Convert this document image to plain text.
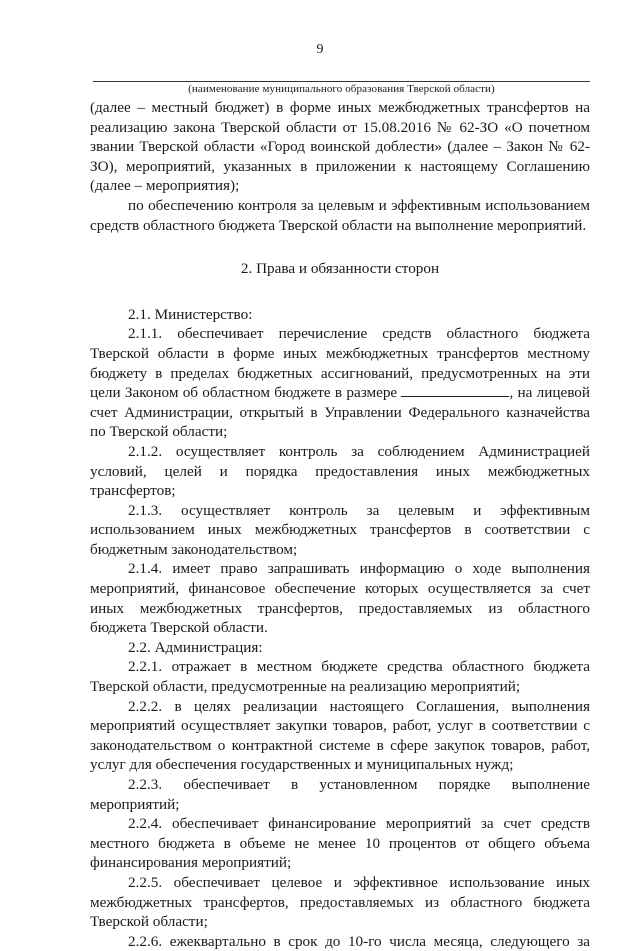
9
(наименование муниципального образования Тверской области)

(далее – местный бюджет) в форме иных межбюджетных трансфертов на

реализацию закона Тверской области от 15.08.2016 № 62-ЗО «О почетном звании Тверской области «Город воинской доблести» (далее – Закон № 62-ЗО), мероприятий, указанных в приложении к настоящему Соглашению (далее – мероприятия);

по обеспечению контроля за целевым и эффективным использованием средств областного бюджета Тверской области на выполнение мероприятий.

2. Права и обязанности сторон

2.1. Министерство:

2.1.1. обеспечивает перечисление средств областного бюджета Тверской области в форме иных межбюджетных трансфертов местному бюджету в пределах бюджетных ассигнований, предусмотренных на эти цели Законом об областном бюджете в размере	, на лицевой счет Администрации, открытый в Управлении Федерального казначейства по Тверской области;

2.1.2. осуществляет контроль за соблюдением Администрацией условий, целей и порядка предоставления иных межбюджетных трансфертов;

2.1.3. осуществляет контроль за целевым и эффективным использованием иных межбюджетных трансфертов в соответствии с бюджетным законодательством;

2.1.4. имеет право запрашивать информацию о ходе выполнения мероприятий, финансовое обеспечение которых осуществляется за счет иных межбюджетных трансфертов, предоставляемых из областного бюджета Тверской области.

2.2. Администрация:

2.2.1. отражает в местном бюджете средства областного бюджета Тверской области, предусмотренные на реализацию мероприятий;

2.2.2. в целях реализации настоящего Соглашения, выполнения мероприятий осуществляет закупки товаров, работ, услуг в соответствии с законодательством о контрактной системе в сфере закупок товаров, работ, услуг для обеспечения государственных и муниципальных нужд;

2.2.3. обеспечивает в установленном порядке выполнение мероприятий;

2.2.4. обеспечивает финансирование мероприятий за счет средств местного бюджета в объеме не менее 10 процентов от общего объема финансирования мероприятий;

2.2.5. обеспечивает целевое и эффективное использование иных межбюджетных трансфертов, предоставляемых из областного бюджета Тверской области;

2.2.6. ежеквартально в срок до 10-го числа месяца, следующего за
